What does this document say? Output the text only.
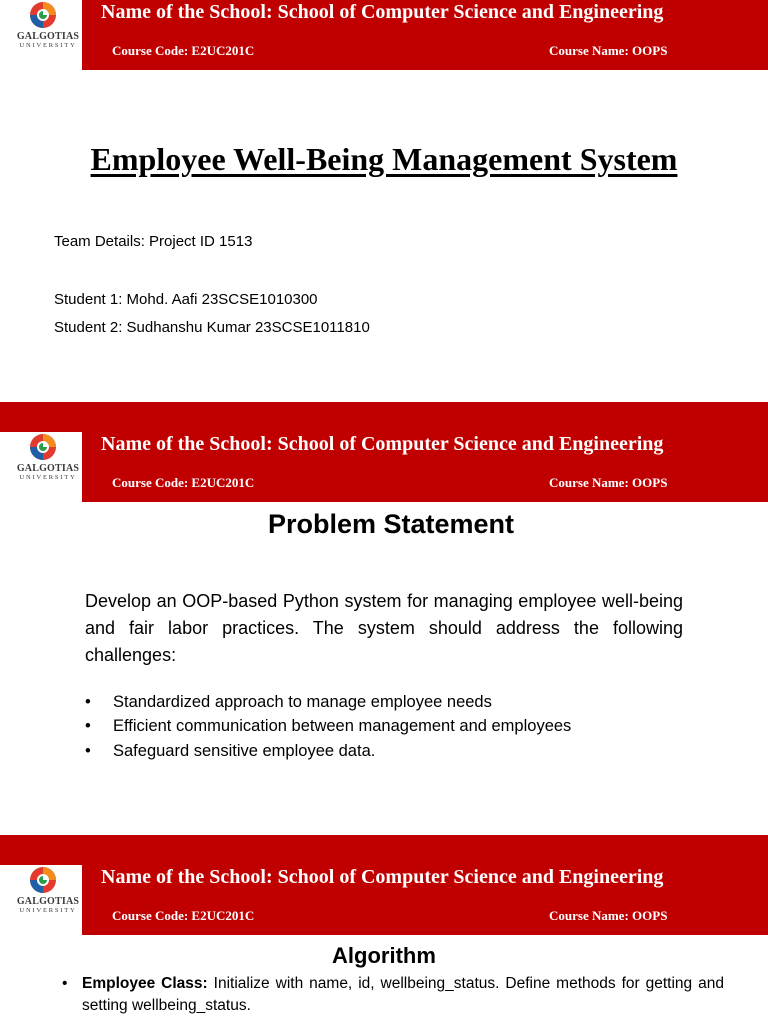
GALGOTIAS
UNIVERSITY
Name of the School: School of Computer Science and Engineering
Course Code: E2UC201C	Course Name: OOPS
Employee Well-Being Management System
Team Details: Project ID 1513
Student 1: Mohd. Aafi 23SCSE1010300
Student 2: Sudhanshu Kumar 23SCSE1011810
GALGOTIAS
UNIVERSITY
Name of the School: School of Computer Science and Engineering
Course Code: E2UC201C	Course Name: OOPS
Problem Statement
Develop an OOP-based Python system for managing employee well-being and fair labor practices. The system should address the following challenges:
• Standardized approach to manage employee needs
• Efficient communication between management and employees
• Safeguard sensitive employee data.
GALGOTIAS
UNIVERSITY
Name of the School: School of Computer Science and Engineering
Course Code: E2UC201C	Course Name: OOPS
Algorithm
• Employee Class: Initialize with name, id, wellbeing_status. Define methods for getting and setting wellbeing_status.
